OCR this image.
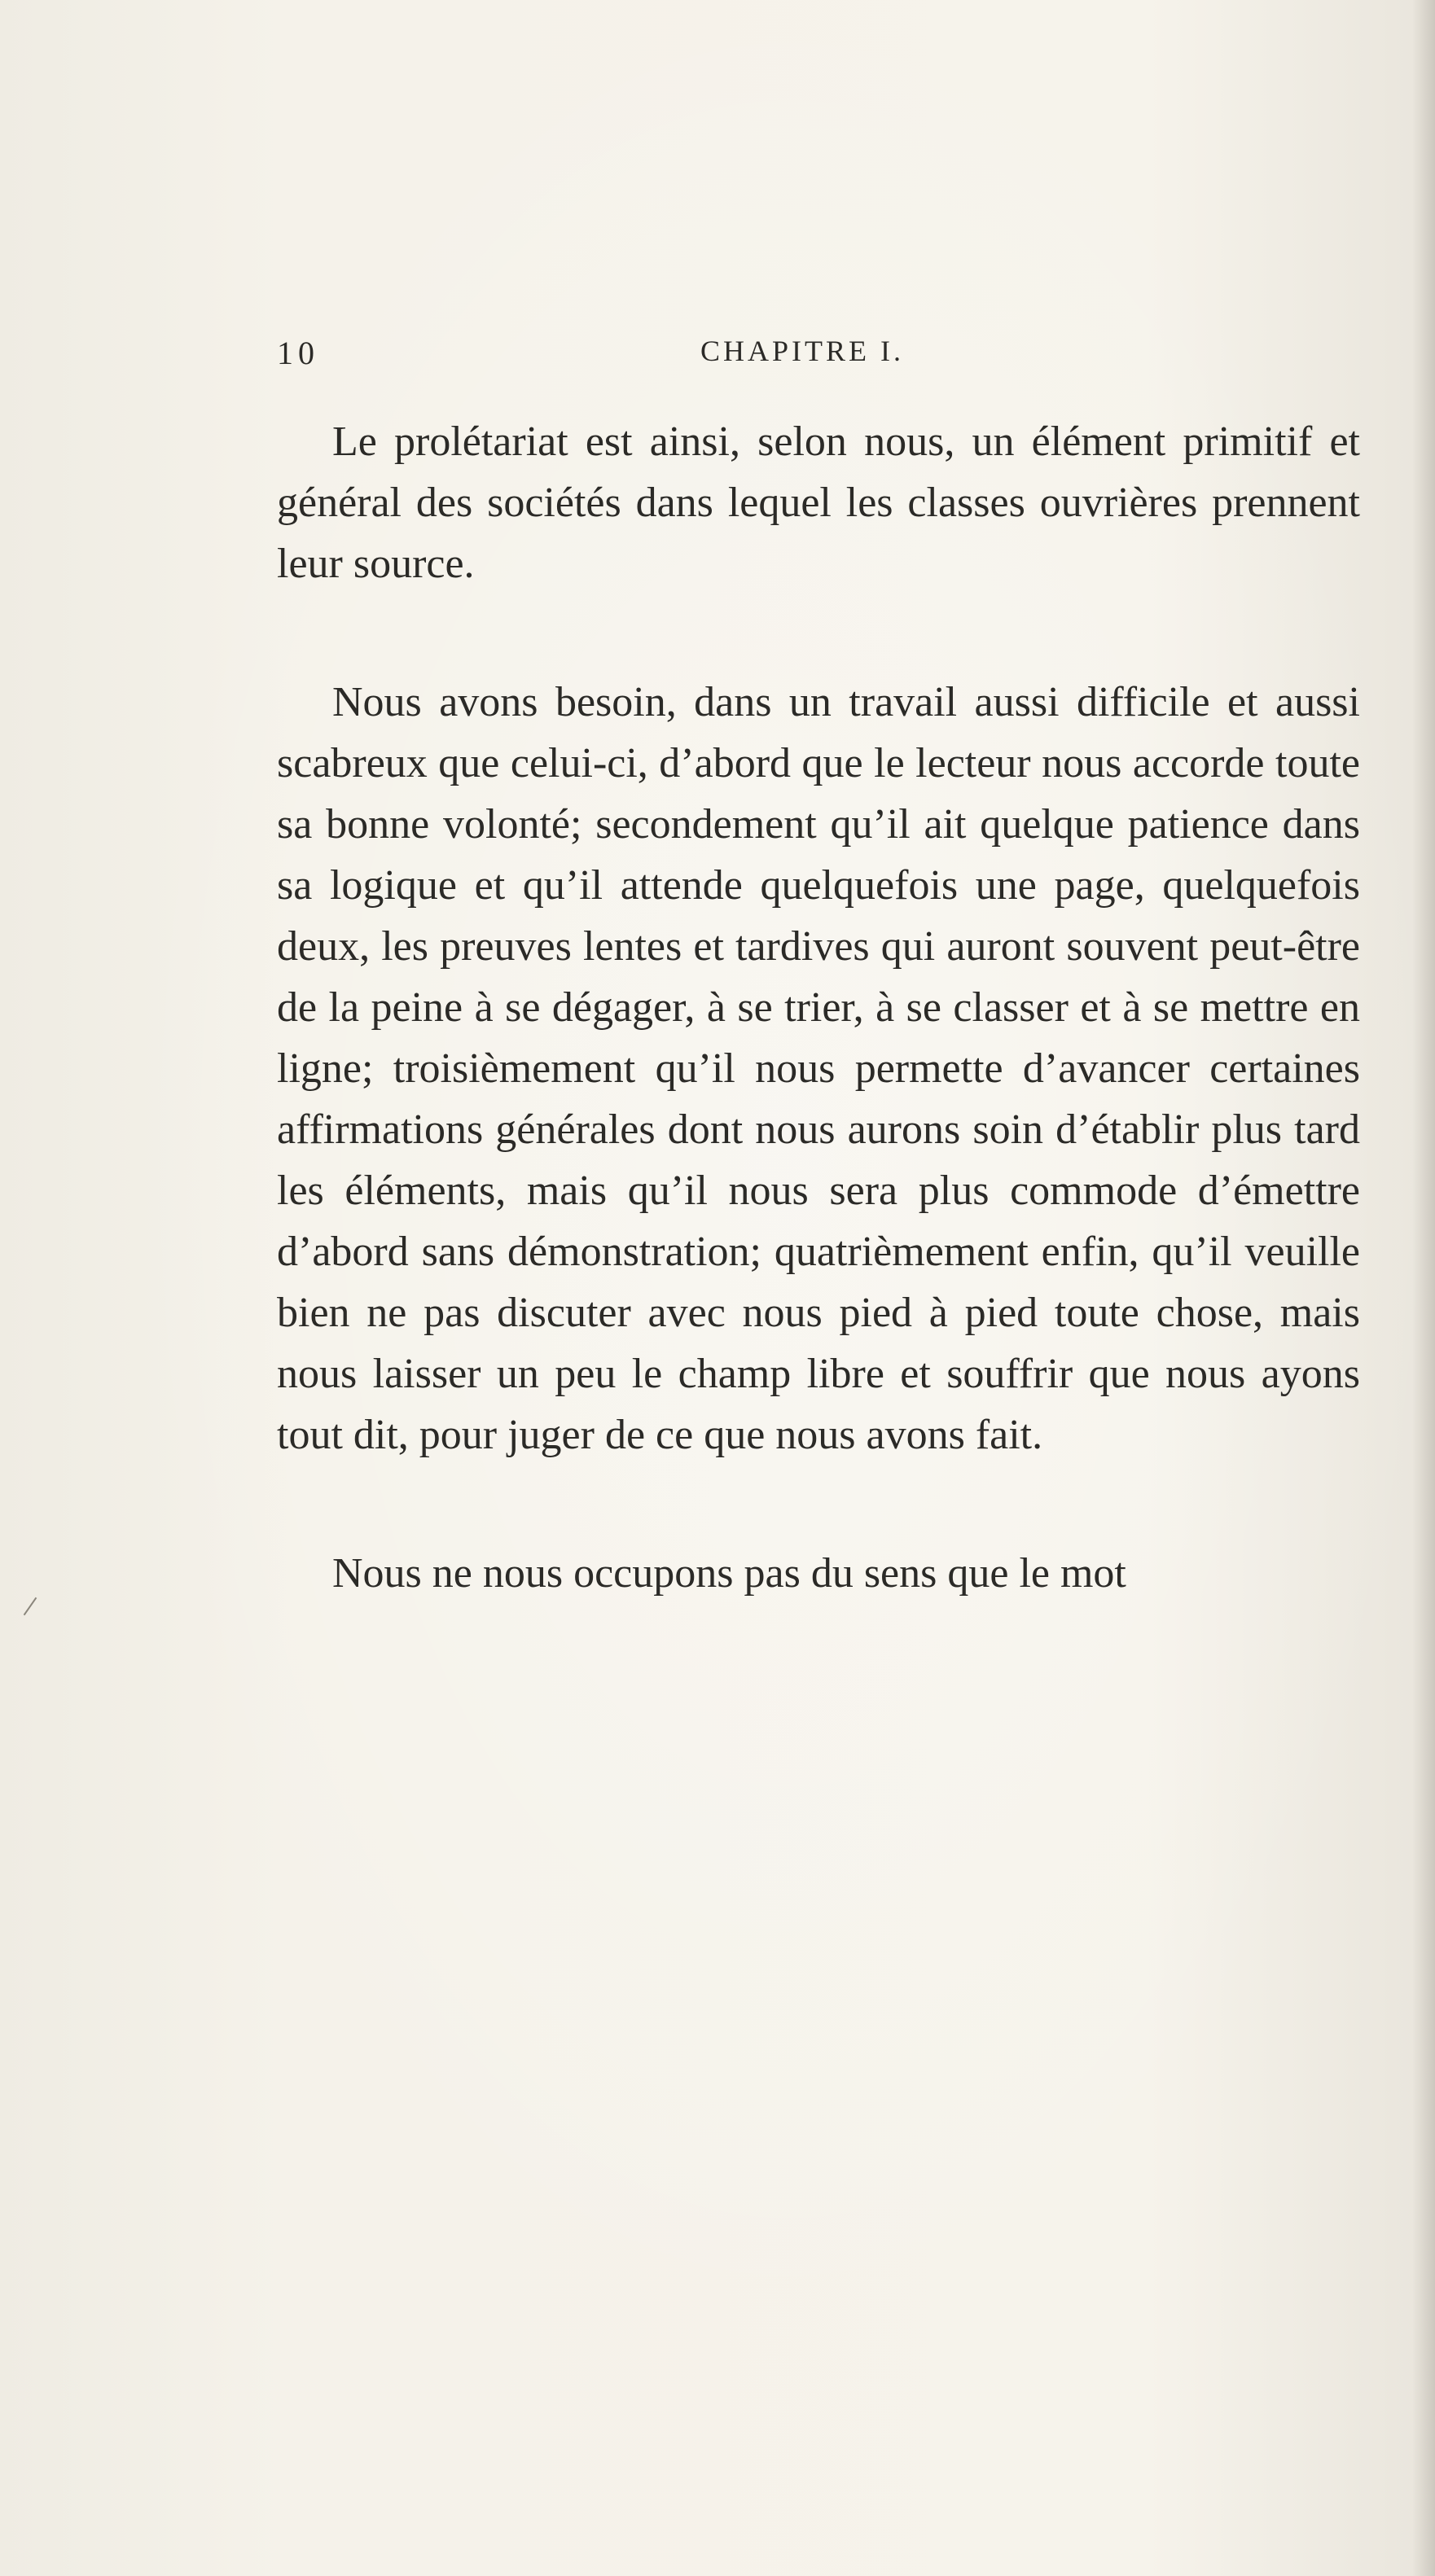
10	CHAPITRE I.

Le prolétariat est ainsi, selon nous, un élément primitif et général des sociétés dans lequel les classes ouvrières prennent leur source.

Nous avons besoin, dans un travail aussi difficile et aussi scabreux que celui-ci, d’abord que le lecteur nous accorde toute sa bonne volonté; secondement qu’il ait quelque patience dans sa logique et qu’il attende quelquefois une page, quelquefois deux, les preuves lentes et tardives qui auront souvent peut-être de la peine à se dégager, à se trier, à se classer et à se mettre en ligne; troisièmement qu’il nous permette d’avancer certaines affirmations générales dont nous aurons soin d’établir plus tard les éléments, mais qu’il nous sera plus commode d’émettre d’abord sans démonstration; quatrièmement enfin, qu’il veuille bien ne pas discuter avec nous pied à pied toute chose, mais nous laisser un peu le champ libre et souffrir que nous ayons tout dit, pour juger de ce que nous avons fait.

Nous ne nous occupons pas du sens que le mot
